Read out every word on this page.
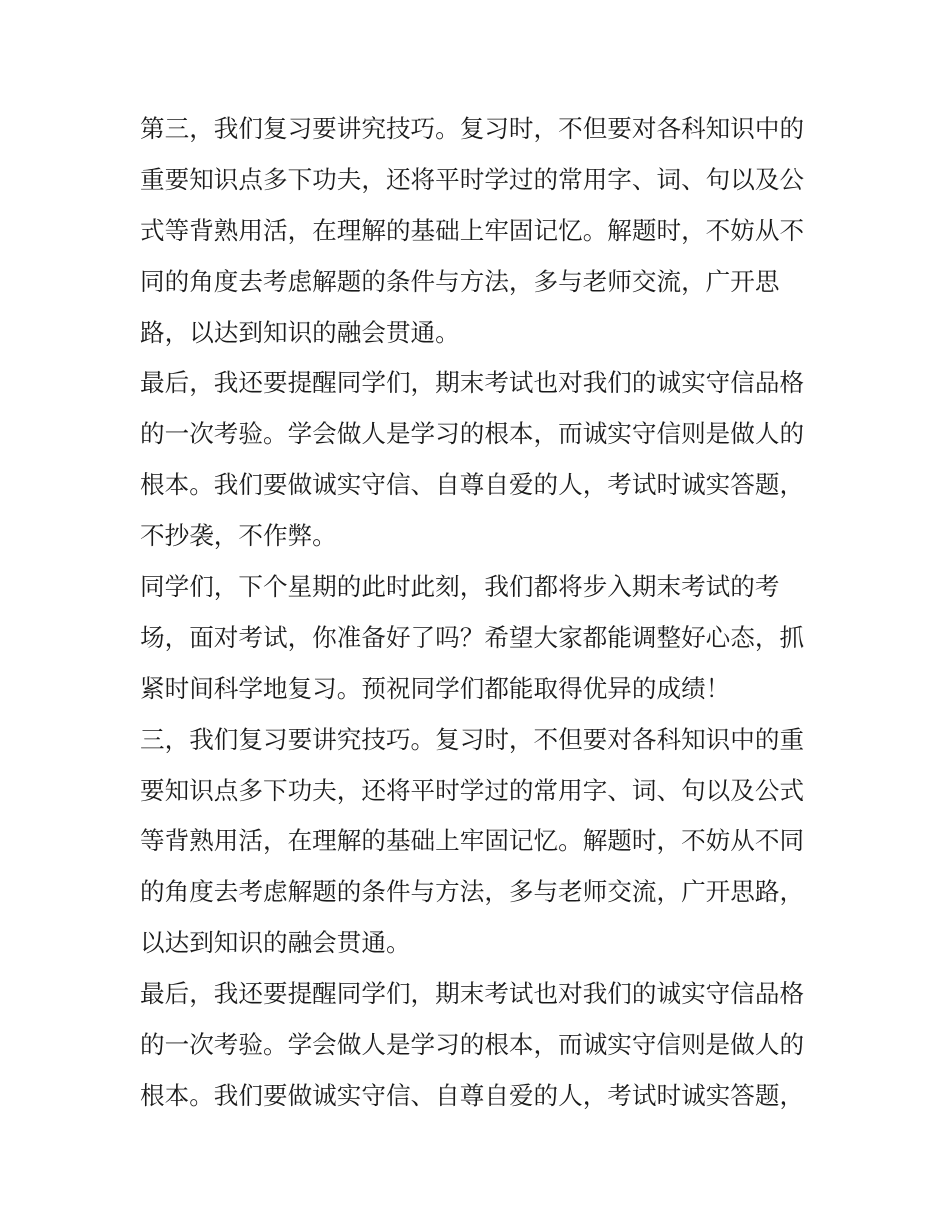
第三，我们复习要讲究技巧。复习时，不但要对各科知识中的
重要知识点多下功夫，还将平时学过的常用字、词、句以及公
式等背熟用活，在理解的基础上牢固记忆。解题时，不妨从不
同的角度去考虑解题的条件与方法，多与老师交流，广开思
路，以达到知识的融会贯通。
最后，我还要提醒同学们，期末考试也对我们的诚实守信品格
的一次考验。学会做人是学习的根本，而诚实守信则是做人的
根本。我们要做诚实守信、自尊自爱的人，考试时诚实答题，
不抄袭，不作弊。
同学们，下个星期的此时此刻，我们都将步入期末考试的考
场，面对考试，你准备好了吗？希望大家都能调整好心态，抓
紧时间科学地复习。预祝同学们都能取得优异的成绩！
三，我们复习要讲究技巧。复习时，不但要对各科知识中的重
要知识点多下功夫，还将平时学过的常用字、词、句以及公式
等背熟用活，在理解的基础上牢固记忆。解题时，不妨从不同
的角度去考虑解题的条件与方法，多与老师交流，广开思路，
以达到知识的融会贯通。
最后，我还要提醒同学们，期末考试也对我们的诚实守信品格
的一次考验。学会做人是学习的根本，而诚实守信则是做人的
根本。我们要做诚实守信、自尊自爱的人，考试时诚实答题，
